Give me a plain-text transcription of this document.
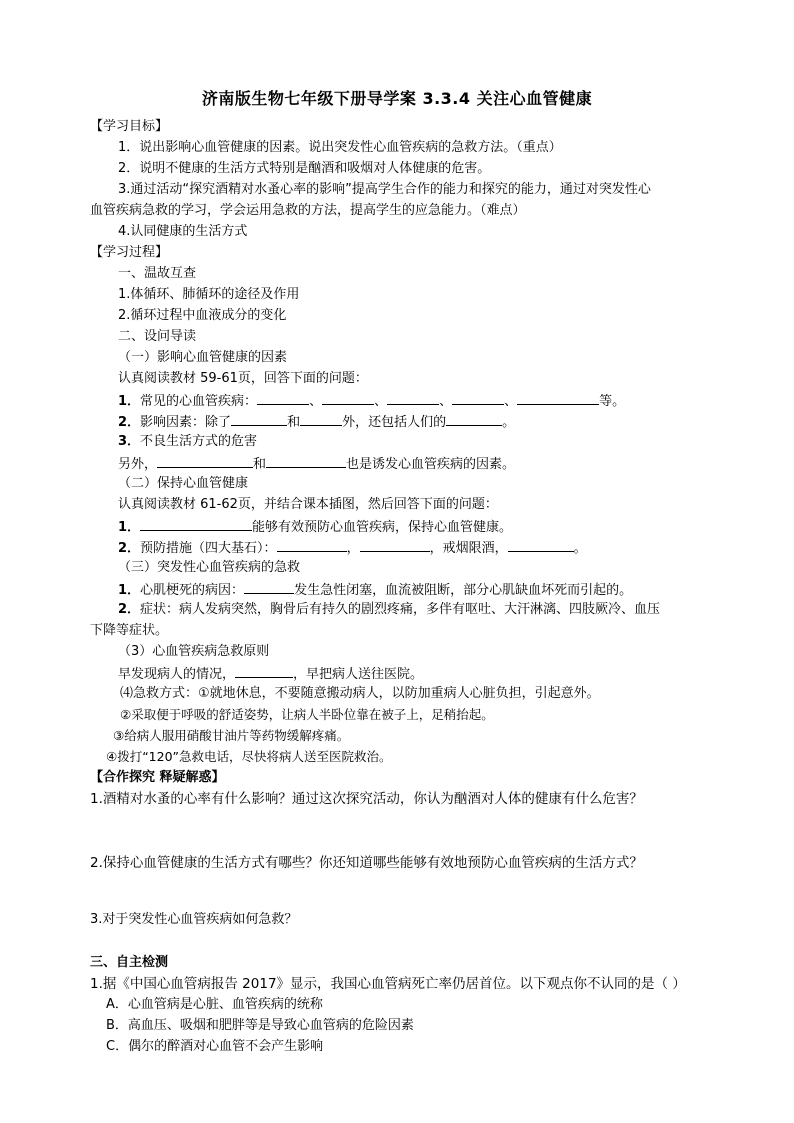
济南版生物七年级下册导学案 3.3.4 关注心血管健康
【学习目标】
1．说出影响心血管健康的因素。说出突发性心血管疾病的急救方法。（重点）
2．说明不健康的生活方式特别是酗酒和吸烟对人体健康的危害。
3.通过活动“探究酒精对水蚤心率的影响”提高学生合作的能力和探究的能力，通过对突发性心
血管疾病急救的学习，学会运用急救的方法，提高学生的应急能力。（难点）
4.认同健康的生活方式
【学习过程】
一、温故互查
1.体循环、肺循环的途径及作用
2.循环过程中血液成分的变化
二、设问导读
（一）影响心血管健康的因素
认真阅读教材 59-61页，回答下面的问题：
1．常见的心血管疾病：	、	、	、	、	等。
2．影响因素：除了	和	外，还包括人们的	。
3．不良生活方式的危害
另外，	和	也是诱发心血管疾病的因素。
（二）保持心血管健康
认真阅读教材 61-62页，并结合课本插图，然后回答下面的问题：
1．	能够有效预防心血管疾病，保持心血管健康。
2．预防措施（四大基石）：	，	，戒烟限酒，	。
（三）突发性心血管疾病的急救
1．心肌梗死的病因：	发生急性闭塞，血流被阻断，部分心肌缺血坏死而引起的。
2．症状：病人发病突然，胸骨后有持久的剧烈疼痛，多伴有呕吐、大汗淋漓、四肢厥冷、血压
下降等症状。
（3）心血管疾病急救原则
早发现病人的情况，	，早把病人送往医院。
⑷急救方式：①就地休息，不要随意搬动病人，以防加重病人心脏负担，引起意外。
②采取便于呼吸的舒适姿势，让病人半卧位靠在被子上，足稍抬起。
③给病人服用硝酸甘油片等药物缓解疼痛。
④拨打“120”急救电话，尽快将病人送至医院救治。
【合作探究 释疑解惑】
1.酒精对水蚤的心率有什么影响？通过这次探究活动，你认为酗酒对人体的健康有什么危害？
2.保持心血管健康的生活方式有哪些？你还知道哪些能够有效地预防心血管疾病的生活方式？
3.对于突发性心血管疾病如何急救？
三、自主检测
1.据《中国心血管病报告 2017》显示，我国心血管病死亡率仍居首位。以下观点你不认同的是（ ）
A．心血管病是心脏、血管疾病的统称
B．高血压、吸烟和肥胖等是导致心血管病的危险因素
C．偶尔的醉酒对心血管不会产生影响
